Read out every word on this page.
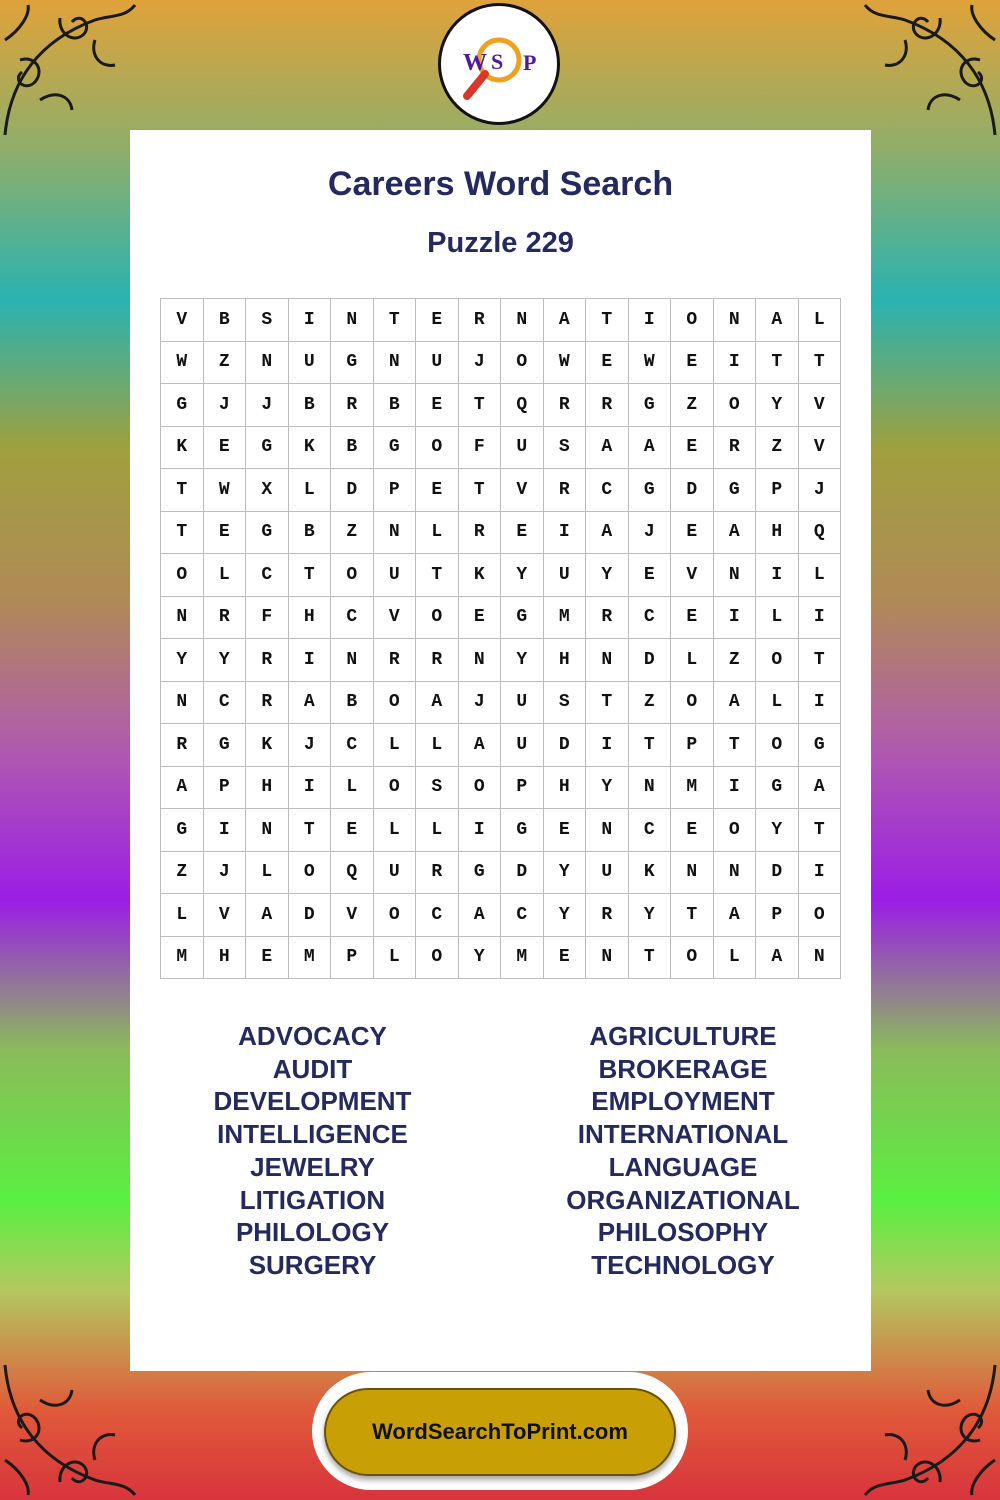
W S P
Careers Word Search
Puzzle 229
V	B	S	I	N	T	E	R	N	A	T	I	O	N	A	L
W	Z	N	U	G	N	U	J	O	W	E	W	E	I	T	T
G	J	J	B	R	B	E	T	Q	R	R	G	Z	O	Y	V
K	E	G	K	B	G	O	F	U	S	A	A	E	R	Z	V
T	W	X	L	D	P	E	T	V	R	C	G	D	G	P	J
T	E	G	B	Z	N	L	R	E	I	A	J	E	A	H	Q
O	L	C	T	O	U	T	K	Y	U	Y	E	V	N	I	L
N	R	F	H	C	V	O	E	G	M	R	C	E	I	L	I
Y	Y	R	I	N	R	R	N	Y	H	N	D	L	Z	O	T
N	C	R	A	B	O	A	J	U	S	T	Z	O	A	L	I
R	G	K	J	C	L	L	A	U	D	I	T	P	T	O	G
A	P	H	I	L	O	S	O	P	H	Y	N	M	I	G	A
G	I	N	T	E	L	L	I	G	E	N	C	E	O	Y	T
Z	J	L	O	Q	U	R	G	D	Y	U	K	N	N	D	I
L	V	A	D	V	O	C	A	C	Y	R	Y	T	A	P	O
M	H	E	M	P	L	O	Y	M	E	N	T	O	L	A	N
ADVOCACY
AUDIT
DEVELOPMENT
INTELLIGENCE
JEWELRY
LITIGATION
PHILOLOGY
SURGERY
AGRICULTURE
BROKERAGE
EMPLOYMENT
INTERNATIONAL
LANGUAGE
ORGANIZATIONAL
PHILOSOPHY
TECHNOLOGY
WordSearchToPrint.com
